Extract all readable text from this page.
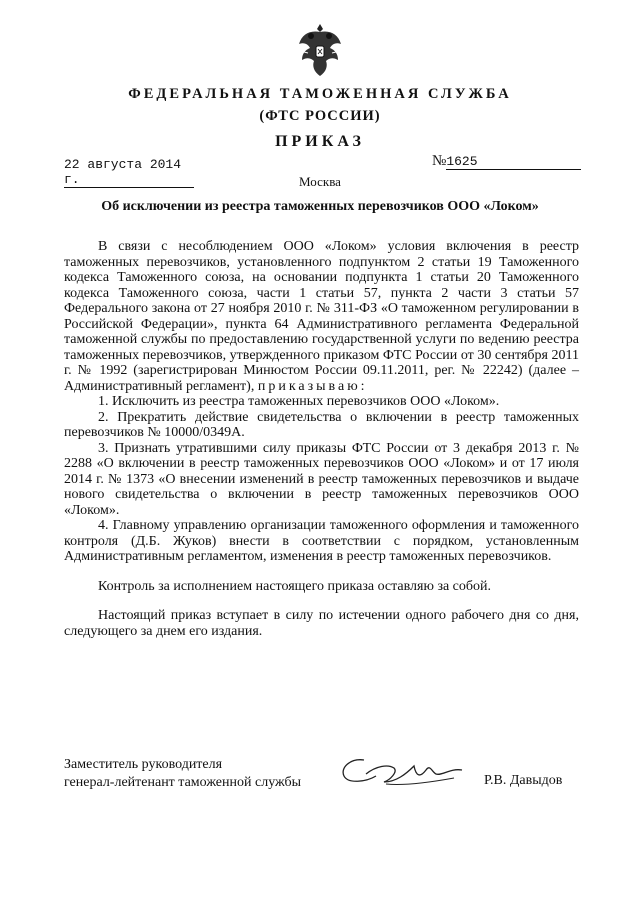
ФЕДЕРАЛЬНАЯ ТАМОЖЕННАЯ СЛУЖБА
(ФТС РОССИИ)
ПРИКАЗ
22 августа 2014 г.
№1625
Москва
Об исключении из реестра таможенных перевозчиков ООО «Локом»

В связи с несоблюдением ООО «Локом» условия включения в реестр таможенных перевозчиков, установленного подпунктом 2 статьи 19 Таможенного кодекса Таможенного союза, на основании подпункта 1 статьи 20 Таможенного кодекса Таможенного союза, части 1 статьи 57, пункта 2 части 3 статьи 57 Федерального закона от 27 ноября 2010 г. № 311-ФЗ «О таможенном регулировании в Российской Федерации», пункта 64 Административного регламента Федеральной таможенной службы по предоставлению государственной услуги по ведению реестра таможенных перевозчиков, утвержденного приказом ФТС России от 30 сентября 2011 г. № 1992 (зарегистрирован Минюстом России 09.11.2011, рег. № 22242) (далее – Административный регламент), приказываю:

1. Исключить из реестра таможенных перевозчиков ООО «Локом».

2. Прекратить действие свидетельства о включении в реестр таможенных перевозчиков № 10000/0349А.

3. Признать утратившими силу приказы ФТС России от 3 декабря 2013 г. № 2288 «О включении в реестр таможенных перевозчиков ООО «Локом» и от 17 июля 2014 г. № 1373 «О внесении изменений в реестр таможенных перевозчиков и выдаче нового свидетельства о включении в реестр таможенных перевозчиков ООО «Локом».

4. Главному управлению организации таможенного оформления и таможенного контроля (Д.Б. Жуков) внести в соответствии с порядком, установленным Административным регламентом, изменения в реестр таможенных перевозчиков.

Контроль за исполнением настоящего приказа оставляю за собой.

Настоящий приказ вступает в силу по истечении одного рабочего дня со дня, следующего за днем его издания.

Заместитель руководителя
генерал-лейтенант таможенной службы	Р.В. Давыдов
